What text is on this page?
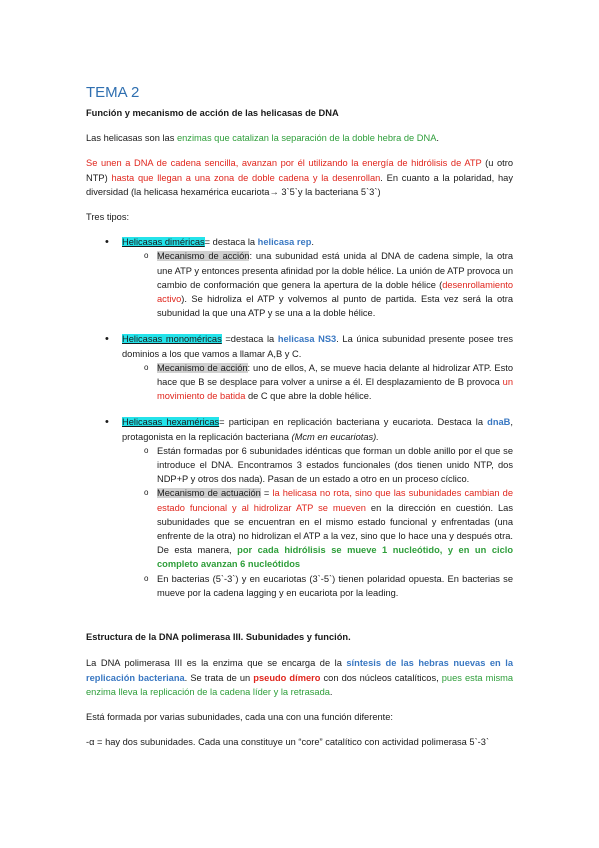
TEMA 2
Función y mecanismo de acción de las helicasas de DNA

Las helicasas son las enzimas que catalizan la separación de la doble hebra de DNA.

Se unen a DNA de cadena sencilla, avanzan por él utilizando la energía de hidrólisis de ATP (u otro NTP) hasta que llegan a una zona de doble cadena y la desenrollan. En cuanto a la polaridad, hay diversidad (la helicasa hexamérica eucariota→ 3`5`y la bacteriana 5`3`)

Tres tipos:

• Helicasas diméricas= destaca la helicasa rep.
o Mecanismo de acción: una subunidad está unida al DNA de cadena simple, la otra une ATP y entonces presenta afinidad por la doble hélice. La unión de ATP provoca un cambio de conformación que genera la apertura de la doble hélice (desenrollamiento activo). Se hidroliza el ATP y volvemos al punto de partida. Esta vez será la otra subunidad la que una ATP y se una a la doble hélice.
• Helicasas monoméricas =destaca la helicasa NS3. La única subunidad presente posee tres dominios a los que vamos a llamar A,B y C.
o Mecanismo de acción: uno de ellos, A, se mueve hacia delante al hidrolizar ATP. Esto hace que B se desplace para volver a unirse a él. El desplazamiento de B provoca un movimiento de batida de C que abre la doble hélice.
• Helicasas hexaméricas= participan en replicación bacteriana y eucariota. Destaca la dnaB, protagonista en la replicación bacteriana (Mcm en eucariotas).
o Están formadas por 6 subunidades idénticas que forman un doble anillo por el que se introduce el DNA. Encontramos 3 estados funcionales (dos tienen unido NTP, dos NDP+P y otros dos nada). Pasan de un estado a otro en un proceso cíclico.
o Mecanismo de actuación = la helicasa no rota, sino que las subunidades cambian de estado funcional y al hidrolizar ATP se mueven en la dirección en cuestión. Las subunidades que se encuentran en el mismo estado funcional y enfrentadas (una enfrente de la otra) no hidrolizan el ATP a la vez, sino que lo hace una y después otra. De esta manera, por cada hidrólisis se mueve 1 nucleótido, y en un ciclo completo avanzan 6 nucleótidos
o En bacterias (5`-3`) y en eucariotas (3`-5`) tienen polaridad opuesta. En bacterias se mueve por la cadena lagging y en eucariota por la leading.
Estructura de la DNA polimerasa III. Subunidades y función.

La DNA polimerasa III es la enzima que se encarga de la síntesis de las hebras nuevas en la replicación bacteriana. Se trata de un pseudo dímero con dos núcleos catalíticos, pues esta misma enzima lleva la replicación de la cadena líder y la retrasada.

Está formada por varias subunidades, cada una con una función diferente:

-α = hay dos subunidades. Cada una constituye un “core” catalítico con actividad polimerasa 5`-3`
